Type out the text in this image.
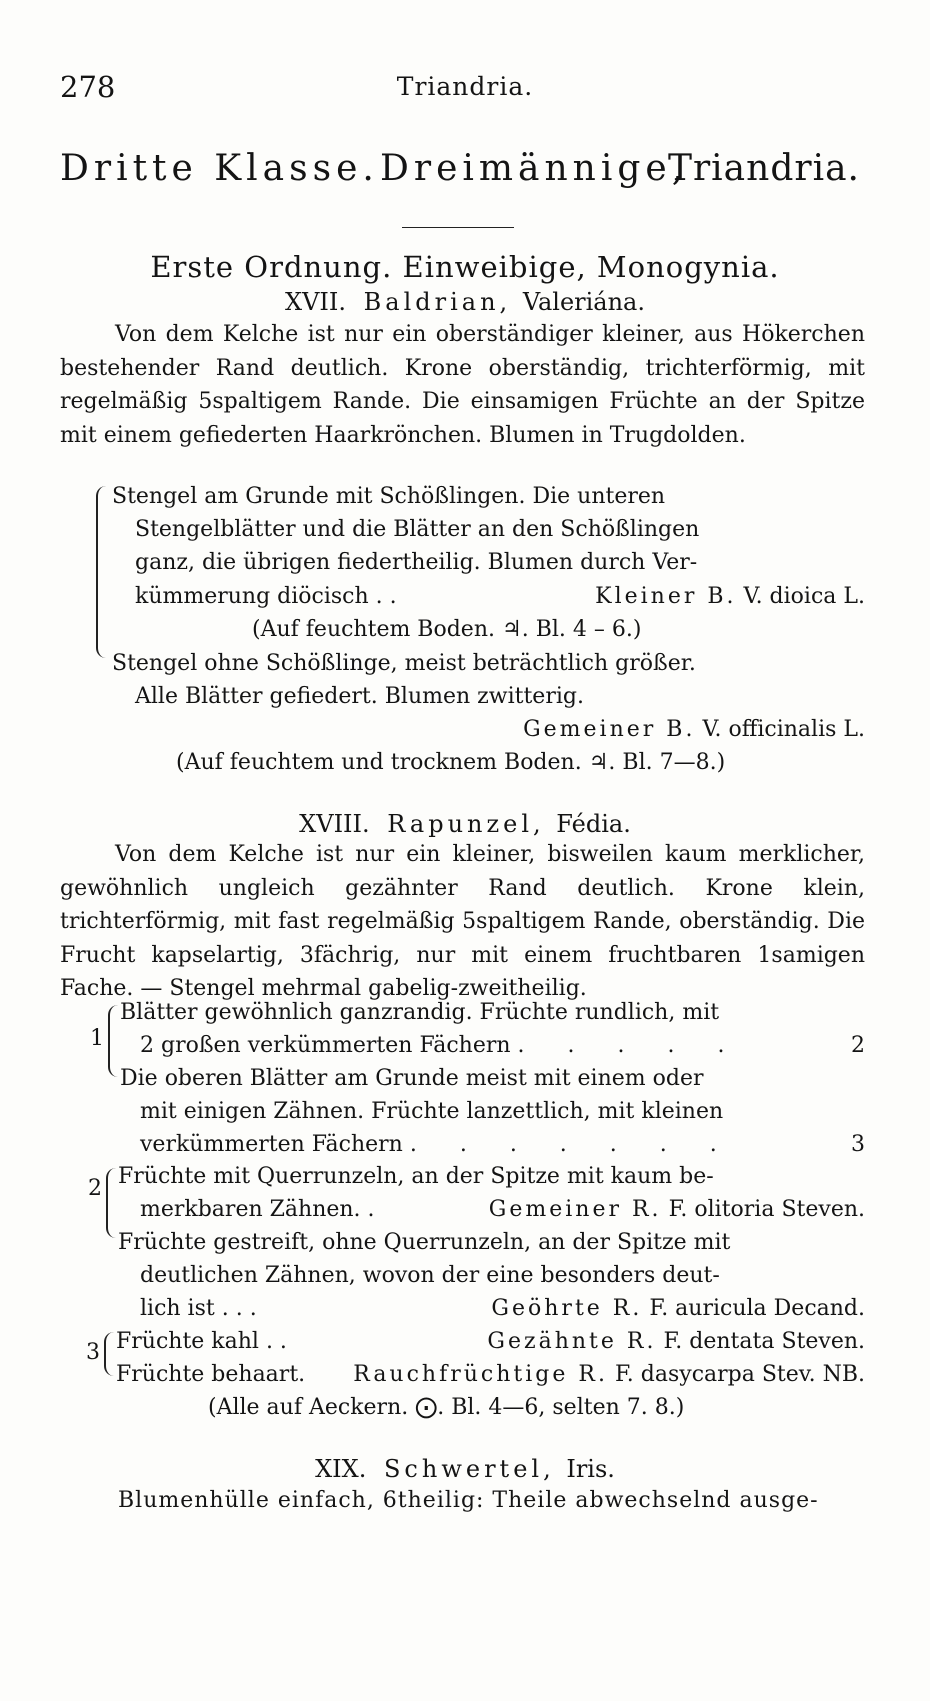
278	Triandria.
Dritte Klasse. Dreimännige,
Triandria.
Erste Ordnung. Einweibige, Monogynia.
XVII. Baldrian, Valeriána.
Von dem Kelche ist nur ein oberständiger kleiner, aus Hökerchen bestehender Rand deutlich. Krone oberständig, trichterförmig, mit regelmäßig 5spaltigem Rande. Die einsamigen Früchte an der Spitze mit einem gefiederten Haarkrönchen. Blumen in Trugdolden.
Stengel am Grunde mit Schößlingen. Die unteren
Stengelblätter und die Blätter an den Schößlingen
ganz, die übrigen fiedertheilig. Blumen durch Ver-
kümmerung diöcisch . .	Kleiner B. V. dioica L.
(Auf feuchtem Boden. ♃. Bl. 4 – 6.)
Stengel ohne Schößlinge, meist beträchtlich größer.
Alle Blätter gefiedert. Blumen zwitterig.
Gemeiner B. V. officinalis L.
(Auf feuchtem und trocknem Boden. ♃. Bl. 7—8.)
XVIII. Rapunzel, Fédia.
Von dem Kelche ist nur ein kleiner, bisweilen kaum merklicher, gewöhnlich ungleich gezähnter Rand deutlich. Krone klein, trichterförmig, mit fast regelmäßig 5spaltigem Rande, oberständig. Die Frucht kapselartig, 3fächrig, nur mit einem fruchtbaren 1samigen Fache. — Stengel mehrmal gabelig-zweitheilig.
1
Blätter gewöhnlich ganzrandig. Früchte rundlich, mit
2 großen verkümmerten Fächern . . . . .	2
Die oberen Blätter am Grunde meist mit einem oder
mit einigen Zähnen. Früchte lanzettlich, mit kleinen
verkümmerten Fächern . . . . . . .	3
2 Früchte mit Querrunzeln, an der Spitze mit kaum be-
merkbaren Zähnen. .	Gemeiner R. F. olitoria Steven.
Früchte gestreift, ohne Querrunzeln, an der Spitze mit
deutlichen Zähnen, wovon der eine besonders deut-
lich ist . . .	Geöhrte R. F. auricula Decand.
3 Früchte kahl . .	Gezähnte R. F. dentata Steven.
Früchte behaart. Rauchfrüchtige R. F. dasycarpa Stev. NB.
(Alle auf Aeckern. ⨀. Bl. 4—6, selten 7. 8.)
XIX. Schwertel, Iris.
Blumenhülle einfach, 6theilig: Theile abwechselnd ausge-
